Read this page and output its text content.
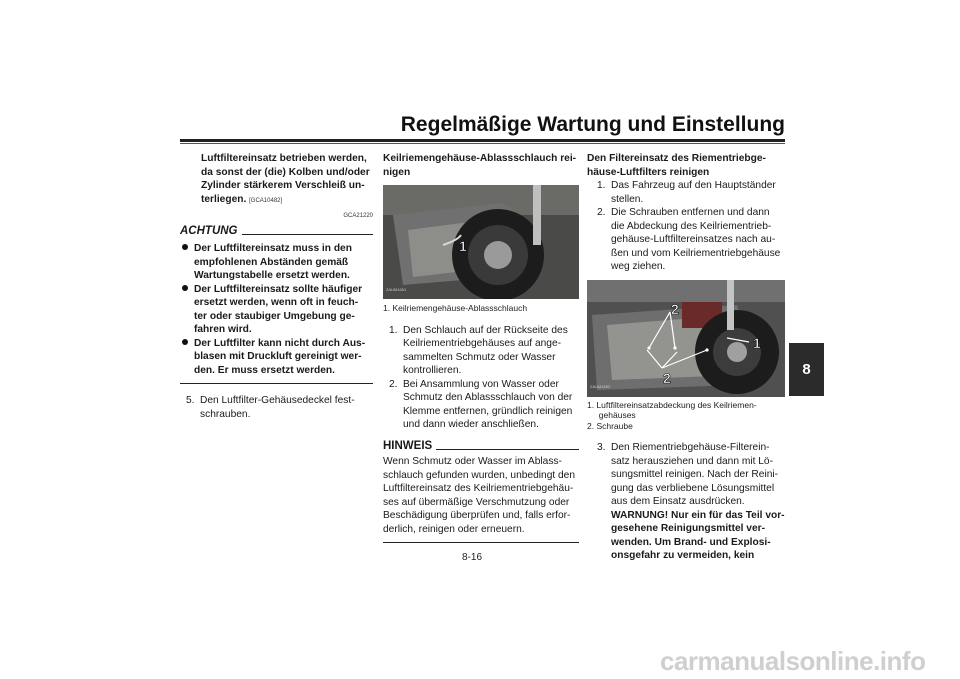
Regelmäßige Wartung und Einstellung
8
Luftfiltereinsatz betrieben werden,
da sonst der (die) Kolben und/oder
Zylinder stärkerem Verschleiß un-
terliegen. [GCA10482]
GCA21220
ACHTUNG
Der Luftfiltereinsatz muss in den
empfohlenen Abständen gemäß
Wartungstabelle ersetzt werden.
Der Luftfiltereinsatz sollte häufiger
ersetzt werden, wenn oft in feuch-
ter oder staubiger Umgebung ge-
fahren wird.
Der Luftfilter kann nicht durch Aus-
blasen mit Druckluft gereinigt wer-
den. Er muss ersetzt werden.
5. Den Luftfilter-Gehäusedeckel fest-
schrauben.
Keilriemengehäuse-Ablassschlauch rei-
nigen
1
ZAUM1651
1. Keilriemengehäuse-Ablassschlauch
1. Den Schlauch auf der Rückseite des
Keilriementriebgehäuses auf ange-
sammelten Schmutz oder Wasser
kontrollieren.
2. Bei Ansammlung von Wasser oder
Schmutz den Ablassschlauch von der
Klemme entfernen, gründlich reinigen
und dann wieder anschließen.
HINWEIS
Wenn Schmutz oder Wasser im Ablass-
schlauch gefunden wurden, unbedingt den
Luftfiltereinsatz des Keilriementriebgehäu-
ses auf übermäßige Verschmutzung oder
Beschädigung überprüfen und, falls erfor-
derlich, reinigen oder erneuern.
Den Filtereinsatz des Riementriebge-
häuse-Luftfilters reinigen
1. Das Fahrzeug auf den Hauptständer
stellen.
2. Die Schrauben entfernen und dann
die Abdeckung des Keilriementrieb-
gehäuse-Luftfiltereinsatzes nach au-
ßen und vom Keilriementriebgehäuse
weg ziehen.
2
2
1
ZAUM1652
1. Luftfiltereinsatzabdeckung des Keilriemen-
gehäuses
2. Schraube
3. Den Riementriebgehäuse-Filterein-
satz herausziehen und dann mit Lö-
sungsmittel reinigen. Nach der Reini-
gung das verbliebene Lösungsmittel
aus dem Einsatz ausdrücken.
WARNUNG! Nur ein für das Teil vor-
gesehene Reinigungsmittel ver-
wenden. Um Brand- und Explosi-
onsgefahr zu vermeiden, kein
8-16
carmanualsonline.info
